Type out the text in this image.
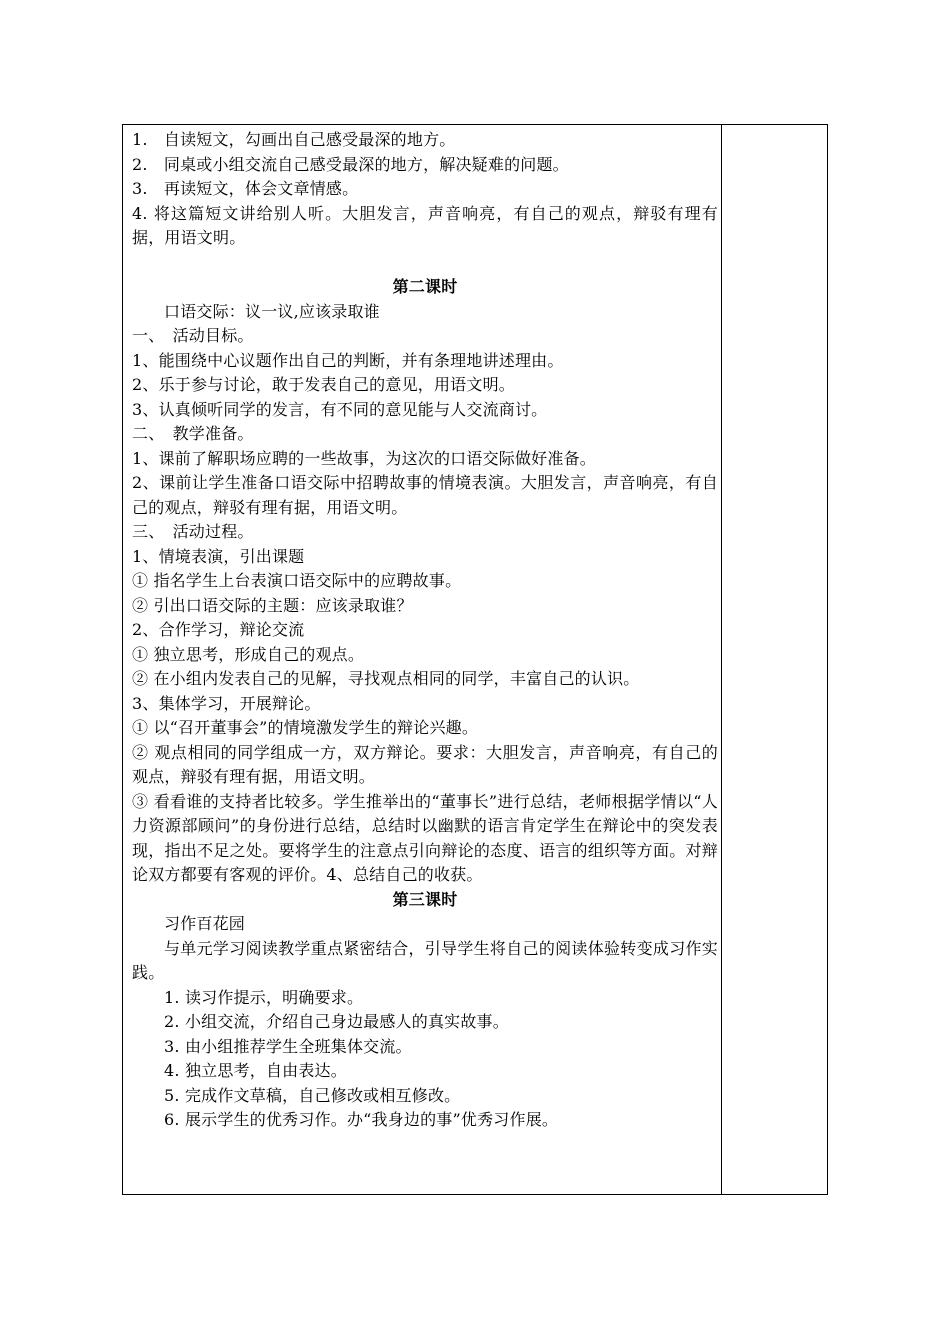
1.　自读短文，勾画出自己感受最深的地方。

2.　同桌或小组交流自己感受最深的地方，解决疑难的问题。

3.　再读短文，体会文章情感。

4. 将这篇短文讲给别人听。大胆发言，声音响亮，有自己的观点，辩驳有理有据，用语文明。

第二课时

口语交际：议一议,应该录取谁

一、　活动目标。

1、能围绕中心议题作出自己的判断，并有条理地讲述理由。

2、乐于参与讨论，敢于发表自己的意见，用语文明。

3、认真倾听同学的发言，有不同的意见能与人交流商讨。

二、　教学准备。

1、课前了解职场应聘的一些故事，为这次的口语交际做好准备。

2、课前让学生准备口语交际中招聘故事的情境表演。大胆发言，声音响亮，有自己的观点，辩驳有理有据，用语文明。

三、　活动过程。

1、情境表演，引出课题

① 指名学生上台表演口语交际中的应聘故事。

② 引出口语交际的主题：应该录取谁？

2、合作学习，辩论交流

① 独立思考，形成自己的观点。

② 在小组内发表自己的见解，寻找观点相同的同学，丰富自己的认识。

3、集体学习，开展辩论。

① 以“召开董事会”的情境激发学生的辩论兴趣。

② 观点相同的同学组成一方，双方辩论。要求：大胆发言，声音响亮，有自己的观点，辩驳有理有据，用语文明。

③ 看看谁的支持者比较多。学生推举出的“董事长”进行总结，老师根据学情以“人力资源部顾问”的身份进行总结，总结时以幽默的语言肯定学生在辩论中的突发表现，指出不足之处。要将学生的注意点引向辩论的态度、语言的组织等方面。对辩论双方都要有客观的评价。4、总结自己的收获。

第三课时

习作百花园

与单元学习阅读教学重点紧密结合，引导学生将自己的阅读体验转变成习作实践。

1. 读习作提示，明确要求。

2. 小组交流，介绍自己身边最感人的真实故事。

3. 由小组推荐学生全班集体交流。

4. 独立思考，自由表达。

5. 完成作文草稿，自己修改或相互修改。

6. 展示学生的优秀习作。办“我身边的事”优秀习作展。
